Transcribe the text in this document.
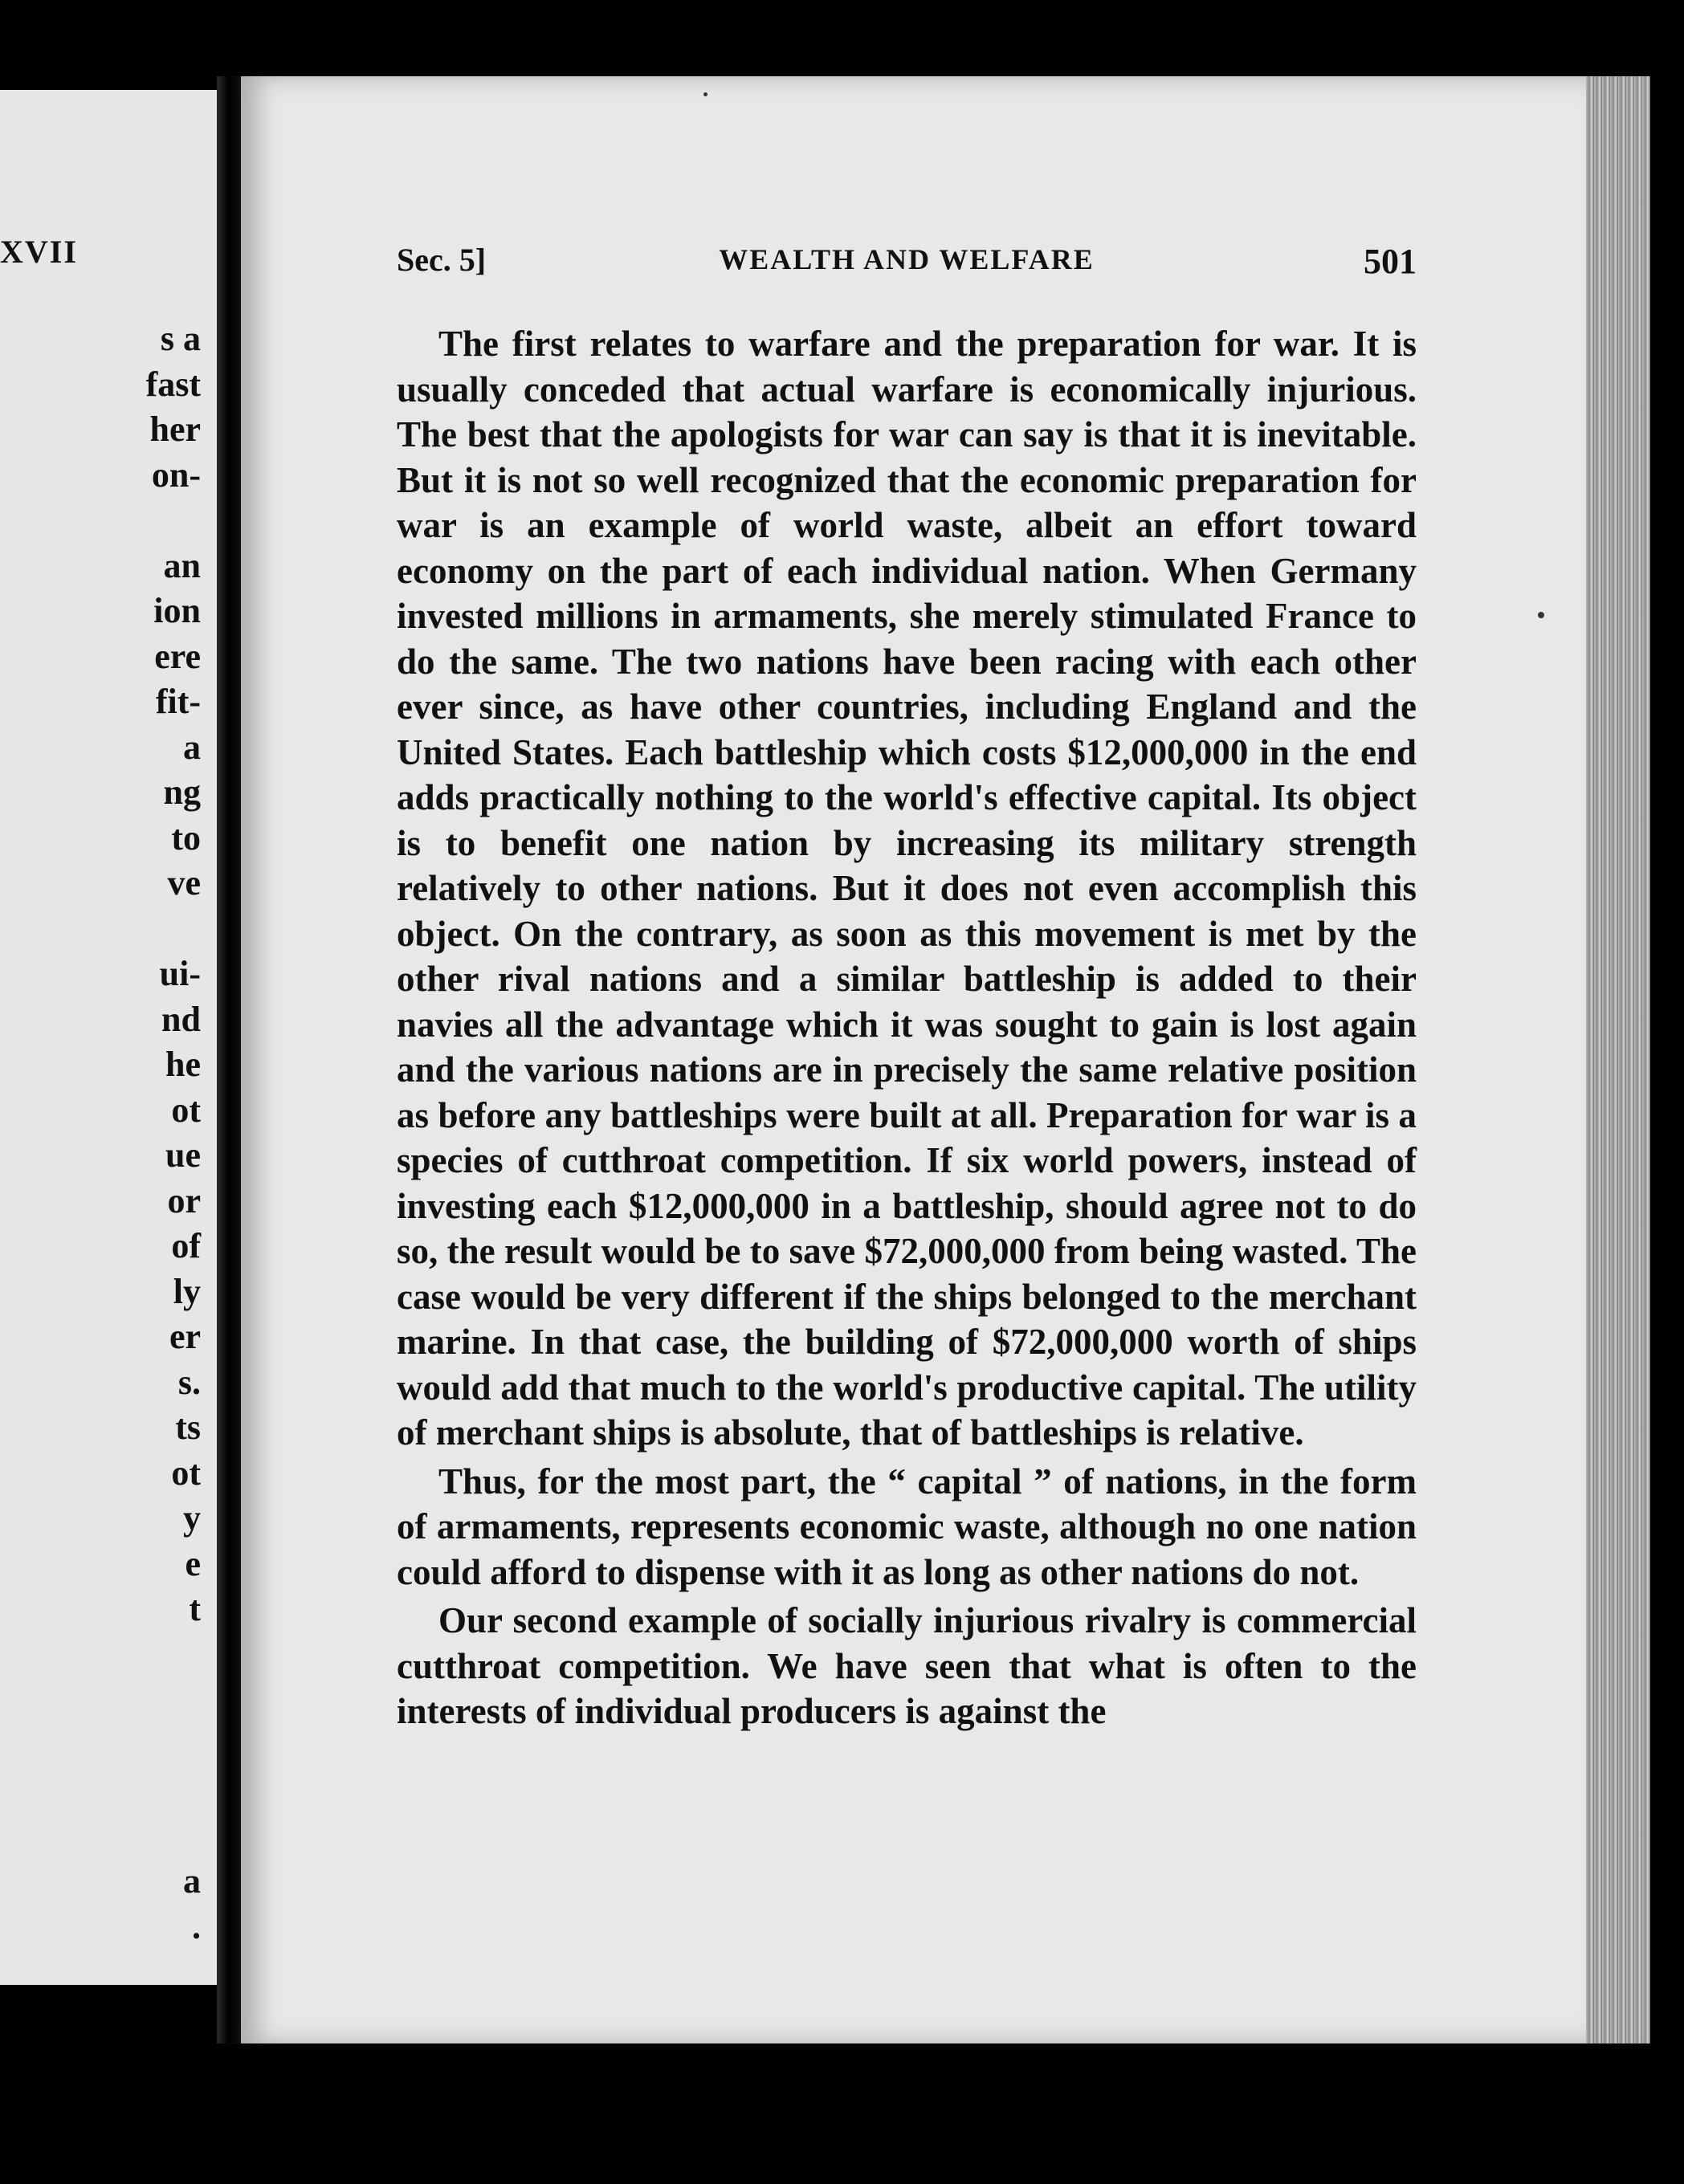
XVII
s a
fast
her
on-
an
ion
ere
fit-
a
ng
to
ve
ui-
nd
he
ot
ue
or
of
ly
er
s.
ts
ot
y
e
t
a
.
Sec. 5]	WEALTH AND WELFARE	501

The first relates to warfare and the preparation for war. It is usually conceded that actual warfare is economically injurious. The best that the apologists for war can say is that it is inevitable. But it is not so well recognized that the economic preparation for war is an example of world waste, albeit an effort toward economy on the part of each individual nation. When Germany invested millions in armaments, she merely stimulated France to do the same. The two nations have been racing with each other ever since, as have other countries, including England and the United States. Each battleship which costs $12,000,000 in the end adds practically nothing to the world's effective capital. Its object is to benefit one nation by increasing its military strength relatively to other nations. But it does not even accomplish this object. On the contrary, as soon as this movement is met by the other rival nations and a similar battleship is added to their navies all the advantage which it was sought to gain is lost again and the various nations are in precisely the same relative position as before any battleships were built at all. Preparation for war is a species of cutthroat competition. If six world powers, instead of investing each $12,000,000 in a battleship, should agree not to do so, the result would be to save $72,000,000 from being wasted. The case would be very different if the ships belonged to the merchant marine. In that case, the building of $72,000,000 worth of ships would add that much to the world's productive capital. The utility of merchant ships is absolute, that of battleships is relative.

Thus, for the most part, the “ capital ” of nations, in the form of armaments, represents economic waste, although no one nation could afford to dispense with it as long as other nations do not.

Our second example of socially injurious rivalry is commercial cutthroat competition. We have seen that what is often to the interests of individual producers is against the
